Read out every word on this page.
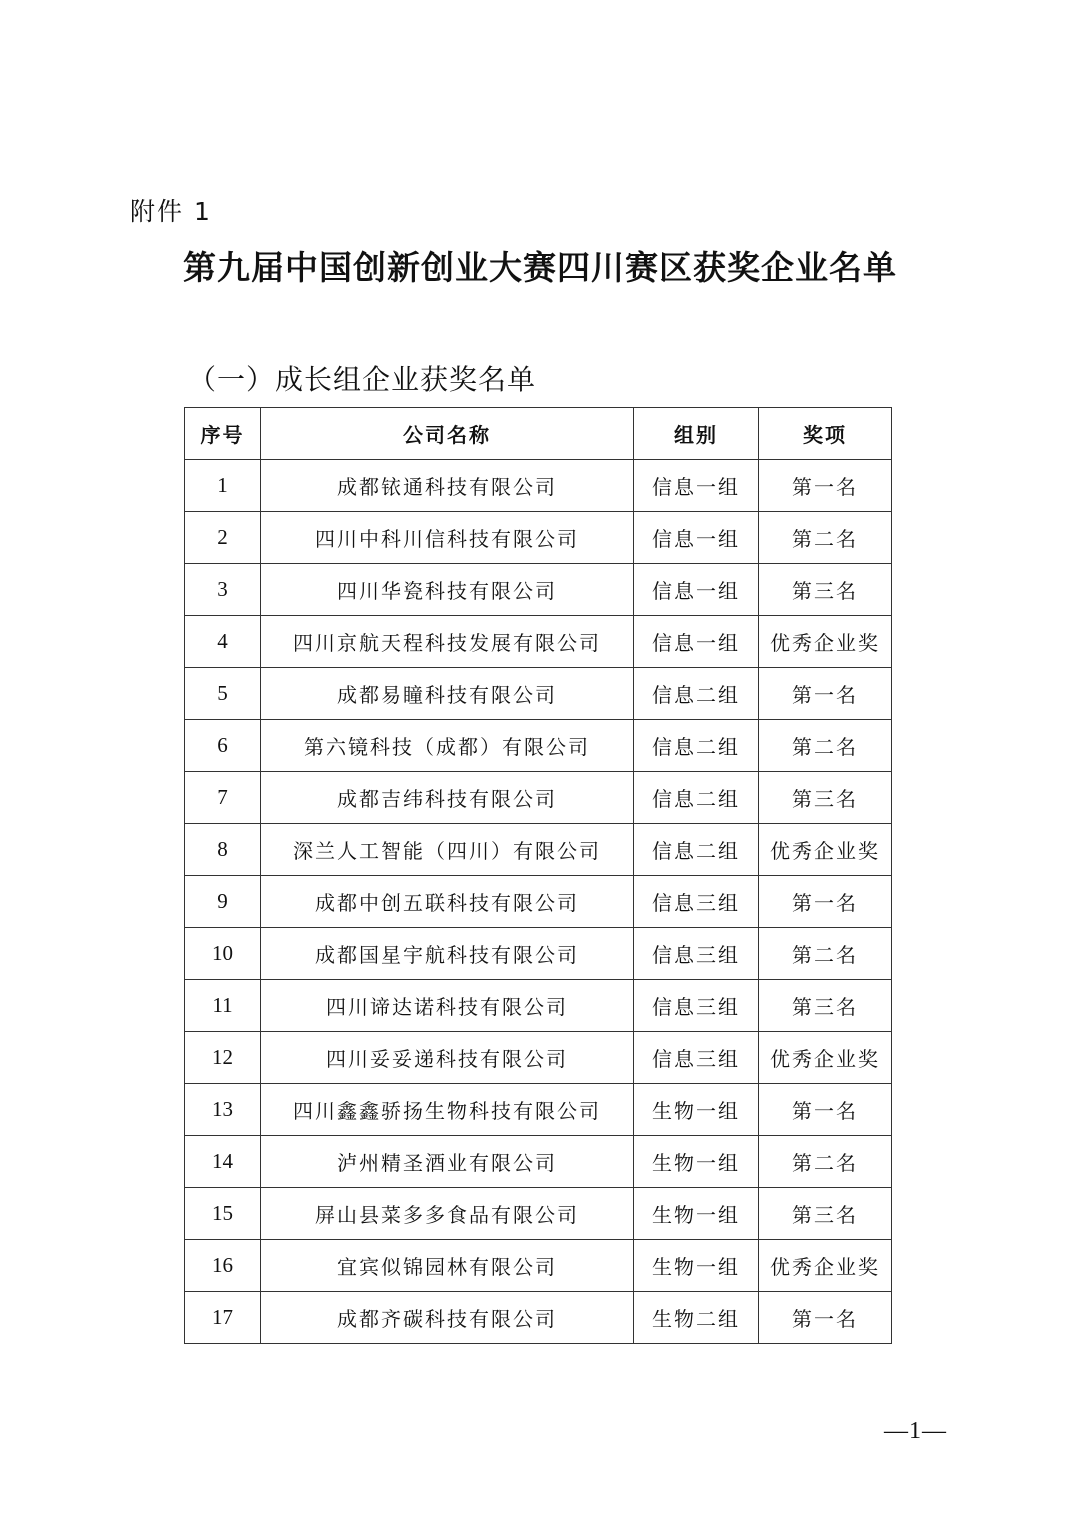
附件 1
第九届中国创新创业大赛四川赛区获奖企业名单
（一）成长组企业获奖名单
序号	公司名称	组别	奖项
1	成都铱通科技有限公司	信息一组	第一名
2	四川中科川信科技有限公司	信息一组	第二名
3	四川华瓷科技有限公司	信息一组	第三名
4	四川京航天程科技发展有限公司	信息一组	优秀企业奖
5	成都易瞳科技有限公司	信息二组	第一名
6	第六镜科技（成都）有限公司	信息二组	第二名
7	成都吉纬科技有限公司	信息二组	第三名
8	深兰人工智能（四川）有限公司	信息二组	优秀企业奖
9	成都中创五联科技有限公司	信息三组	第一名
10	成都国星宇航科技有限公司	信息三组	第二名
11	四川谛达诺科技有限公司	信息三组	第三名
12	四川妥妥递科技有限公司	信息三组	优秀企业奖
13	四川鑫鑫骄扬生物科技有限公司	生物一组	第一名
14	泸州精圣酒业有限公司	生物一组	第二名
15	屏山县菜多多食品有限公司	生物一组	第三名
16	宜宾似锦园林有限公司	生物一组	优秀企业奖
17	成都齐碳科技有限公司	生物二组	第一名
—1—
